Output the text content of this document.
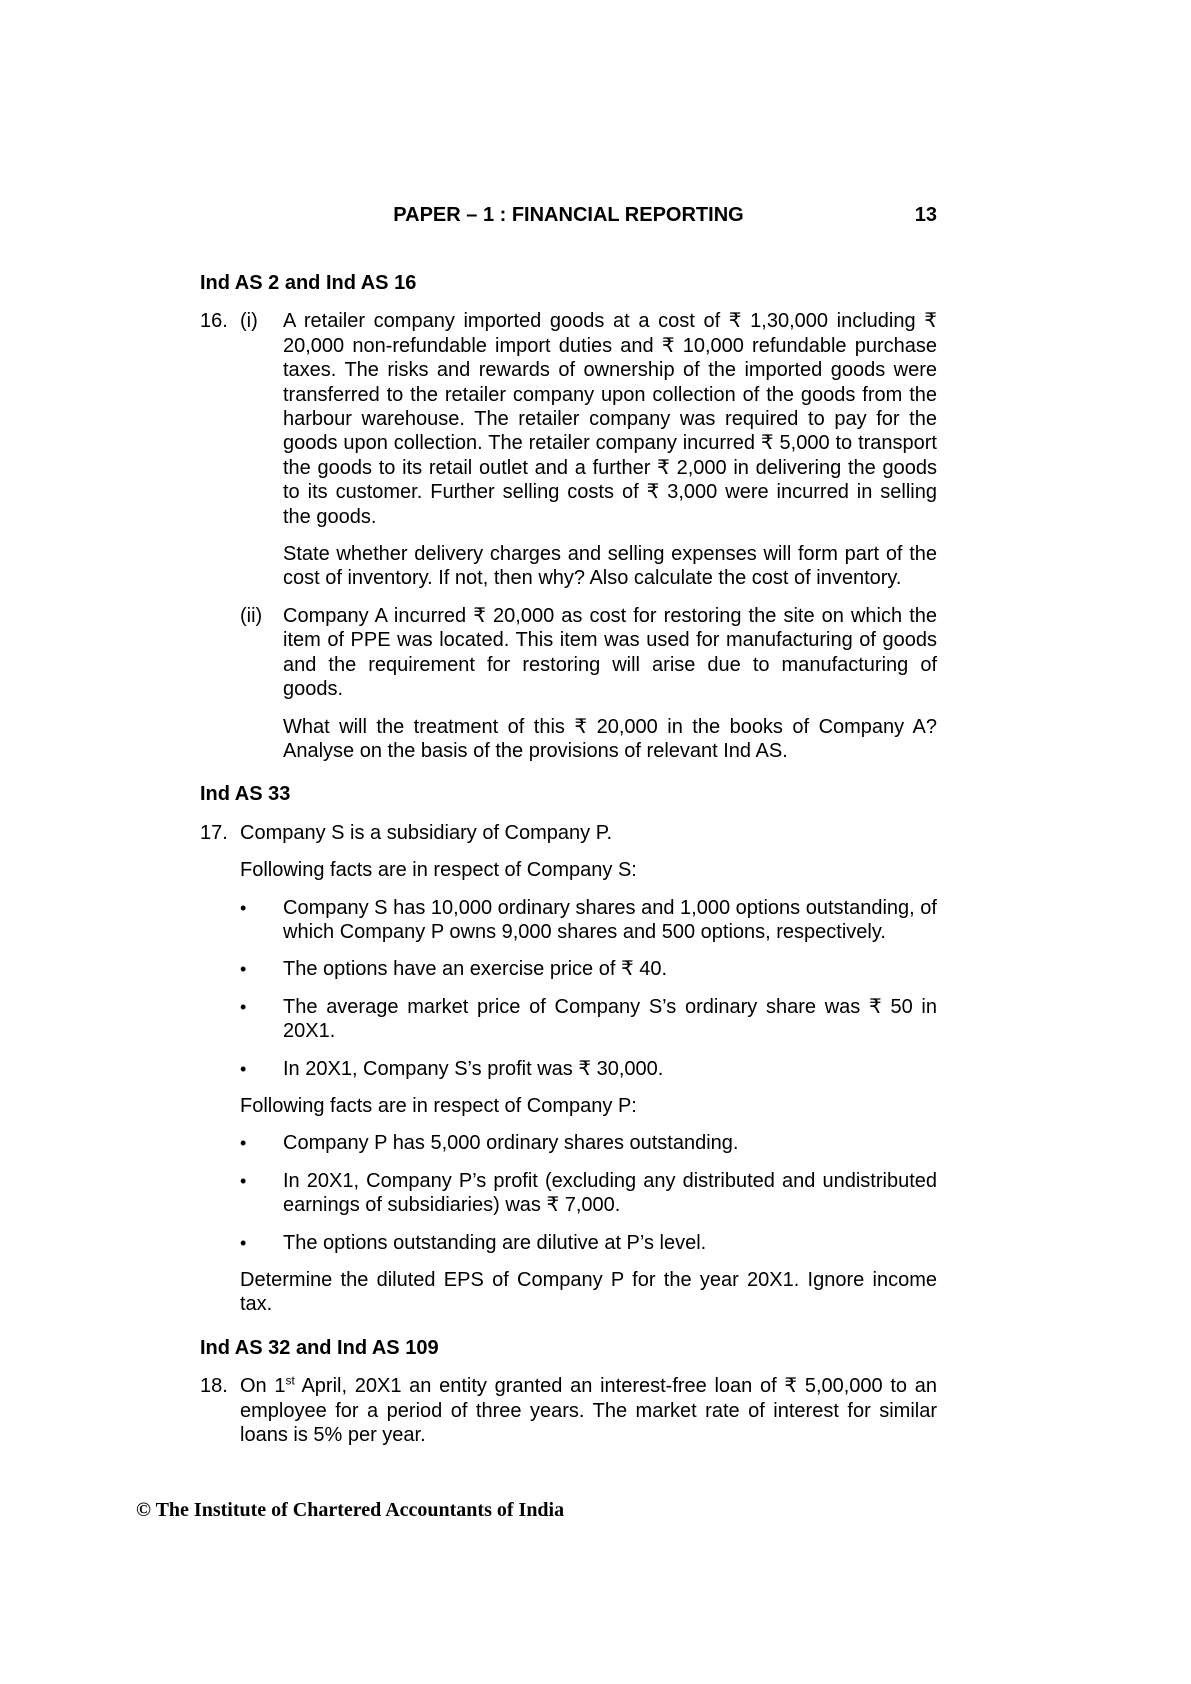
PAPER – 1 : FINANCIAL REPORTING	13
Ind AS 2 and Ind AS 16
16. (i)	A retailer company imported goods at a cost of ₹ 1,30,000 including ₹ 20,000 non-refundable import duties and ₹ 10,000 refundable purchase taxes. The risks and rewards of ownership of the imported goods were transferred to the retailer company upon collection of the goods from the harbour warehouse. The retailer company was required to pay for the goods upon collection. The retailer company incurred ₹ 5,000 to transport the goods to its retail outlet and a further ₹ 2,000 in delivering the goods to its customer. Further selling costs of ₹ 3,000 were incurred in selling the goods.

State whether delivery charges and selling expenses will form part of the cost of inventory. If not, then why? Also calculate the cost of inventory.

(ii)	Company A incurred ₹ 20,000 as cost for restoring the site on which the item of PPE was located. This item was used for manufacturing of goods and the requirement for restoring will arise due to manufacturing of goods.

What will the treatment of this ₹ 20,000 in the books of Company A? Analyse on the basis of the provisions of relevant Ind AS.

Ind AS 33
17. Company S is a subsidiary of Company P.

Following facts are in respect of Company S:

•	Company S has 10,000 ordinary shares and 1,000 options outstanding, of which Company P owns 9,000 shares and 500 options, respectively.
•	The options have an exercise price of ₹ 40.
•	The average market price of Company S’s ordinary share was ₹ 50 in 20X1.
•	In 20X1, Company S’s profit was ₹ 30,000.

Following facts are in respect of Company P:

•	Company P has 5,000 ordinary shares outstanding.
•	In 20X1, Company P’s profit (excluding any distributed and undistributed earnings of subsidiaries) was ₹ 7,000.
•	The options outstanding are dilutive at P’s level.

Determine the diluted EPS of Company P for the year 20X1. Ignore income tax.

Ind AS 32 and Ind AS 109
18. On 1st April, 20X1 an entity granted an interest-free loan of ₹ 5,00,000 to an employee for a period of three years. The market rate of interest for similar loans is 5% per year.

© The Institute of Chartered Accountants of India
